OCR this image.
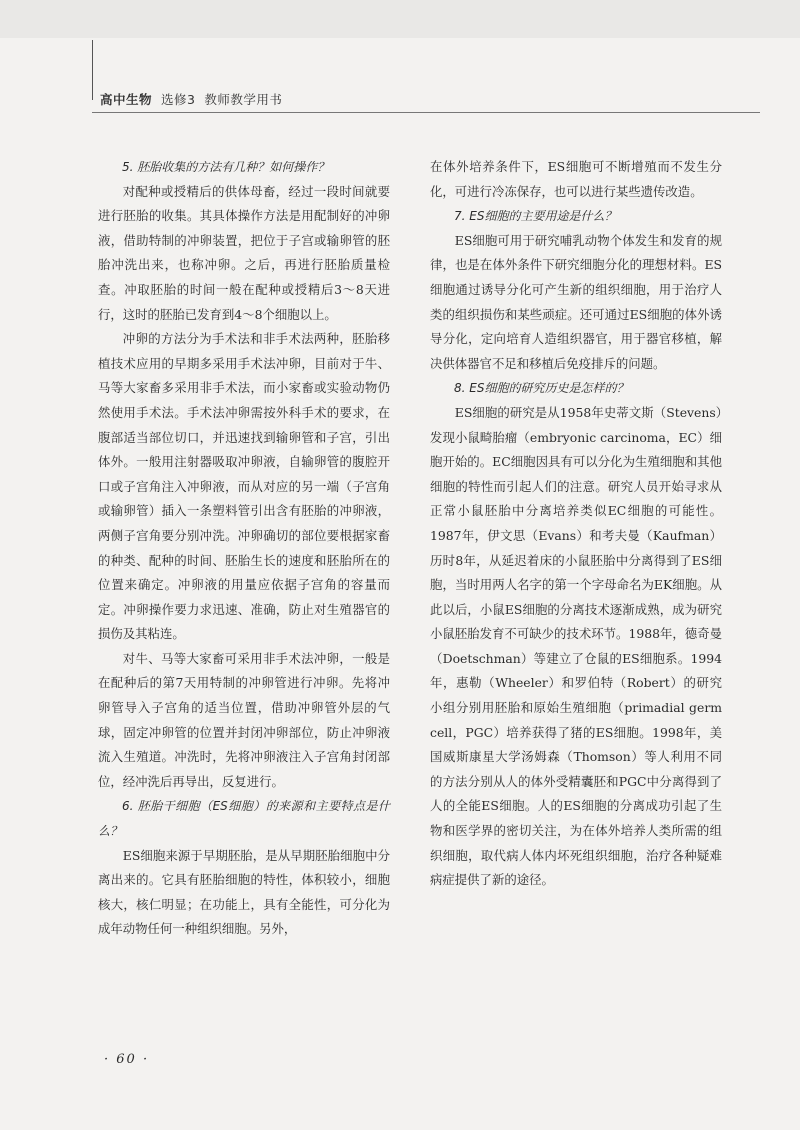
高中生物 选修3 教师教学用书

5. 胚胎收集的方法有几种？如何操作？

对配种或授精后的供体母畜，经过一段时间就要进行胚胎的收集。其具体操作方法是用配制好的冲卵液，借助特制的冲卵装置，把位于子宫或输卵管的胚胎冲洗出来，也称冲卵。之后，再进行胚胎质量检查。冲取胚胎的时间一般在配种或授精后3～8天进行，这时的胚胎已发育到4～8个细胞以上。

冲卵的方法分为手术法和非手术法两种，胚胎移植技术应用的早期多采用手术法冲卵，目前对于牛、马等大家畜多采用非手术法，而小家畜或实验动物仍然使用手术法。手术法冲卵需按外科手术的要求，在腹部适当部位切口，并迅速找到输卵管和子宫，引出体外。一般用注射器吸取冲卵液，自输卵管的腹腔开口或子宫角注入冲卵液，而从对应的另一端（子宫角或输卵管）插入一条塑料管引出含有胚胎的冲卵液，两侧子宫角要分别冲洗。冲卵确切的部位要根据家畜的种类、配种的时间、胚胎生长的速度和胚胎所在的位置来确定。冲卵液的用量应依据子宫角的容量而定。冲卵操作要力求迅速、准确，防止对生殖器官的损伤及其粘连。

对牛、马等大家畜可采用非手术法冲卵，一般是在配种后的第7天用特制的冲卵管进行冲卵。先将冲卵管导入子宫角的适当位置，借助冲卵管外层的气球，固定冲卵管的位置并封闭冲卵部位，防止冲卵液流入生殖道。冲洗时，先将冲卵液注入子宫角封闭部位，经冲洗后再导出，反复进行。

6. 胚胎干细胞（ES细胞）的来源和主要特点是什么？

ES细胞来源于早期胚胎，是从早期胚胎细胞中分离出来的。它具有胚胎细胞的特性，体积较小，细胞核大，核仁明显；在功能上，具有全能性，可分化为成年动物任何一种组织细胞。另外，

在体外培养条件下，ES细胞可不断增殖而不发生分化，可进行冷冻保存，也可以进行某些遗传改造。

7. ES细胞的主要用途是什么？

ES细胞可用于研究哺乳动物个体发生和发育的规律，也是在体外条件下研究细胞分化的理想材料。ES细胞通过诱导分化可产生新的组织细胞，用于治疗人类的组织损伤和某些顽症。还可通过ES细胞的体外诱导分化，定向培育人造组织器官，用于器官移植，解决供体器官不足和移植后免疫排斥的问题。

8. ES细胞的研究历史是怎样的？

ES细胞的研究是从1958年史蒂文斯（Stevens）发现小鼠畸胎瘤（embryonic carcinoma，EC）细胞开始的。EC细胞因具有可以分化为生殖细胞和其他细胞的特性而引起人们的注意。研究人员开始寻求从正常小鼠胚胎中分离培养类似EC细胞的可能性。1987年，伊文思（Evans）和考夫曼（Kaufman）历时8年，从延迟着床的小鼠胚胎中分离得到了ES细胞，当时用两人名字的第一个字母命名为EK细胞。从此以后，小鼠ES细胞的分离技术逐渐成熟，成为研究小鼠胚胎发育不可缺少的技术环节。1988年，德奇曼（Doetschman）等建立了仓鼠的ES细胞系。1994年，惠勒（Wheeler）和罗伯特（Robert）的研究小组分别用胚胎和原始生殖细胞（primadial germ cell，PGC）培养获得了猪的ES细胞。1998年，美国威斯康星大学汤姆森（Thomson）等人利用不同的方法分别从人的体外受精囊胚和PGC中分离得到了人的全能ES细胞。人的ES细胞的分离成功引起了生物和医学界的密切关注，为在体外培养人类所需的组织细胞，取代病人体内坏死组织细胞，治疗各种疑难病症提供了新的途径。

· 60 ·
